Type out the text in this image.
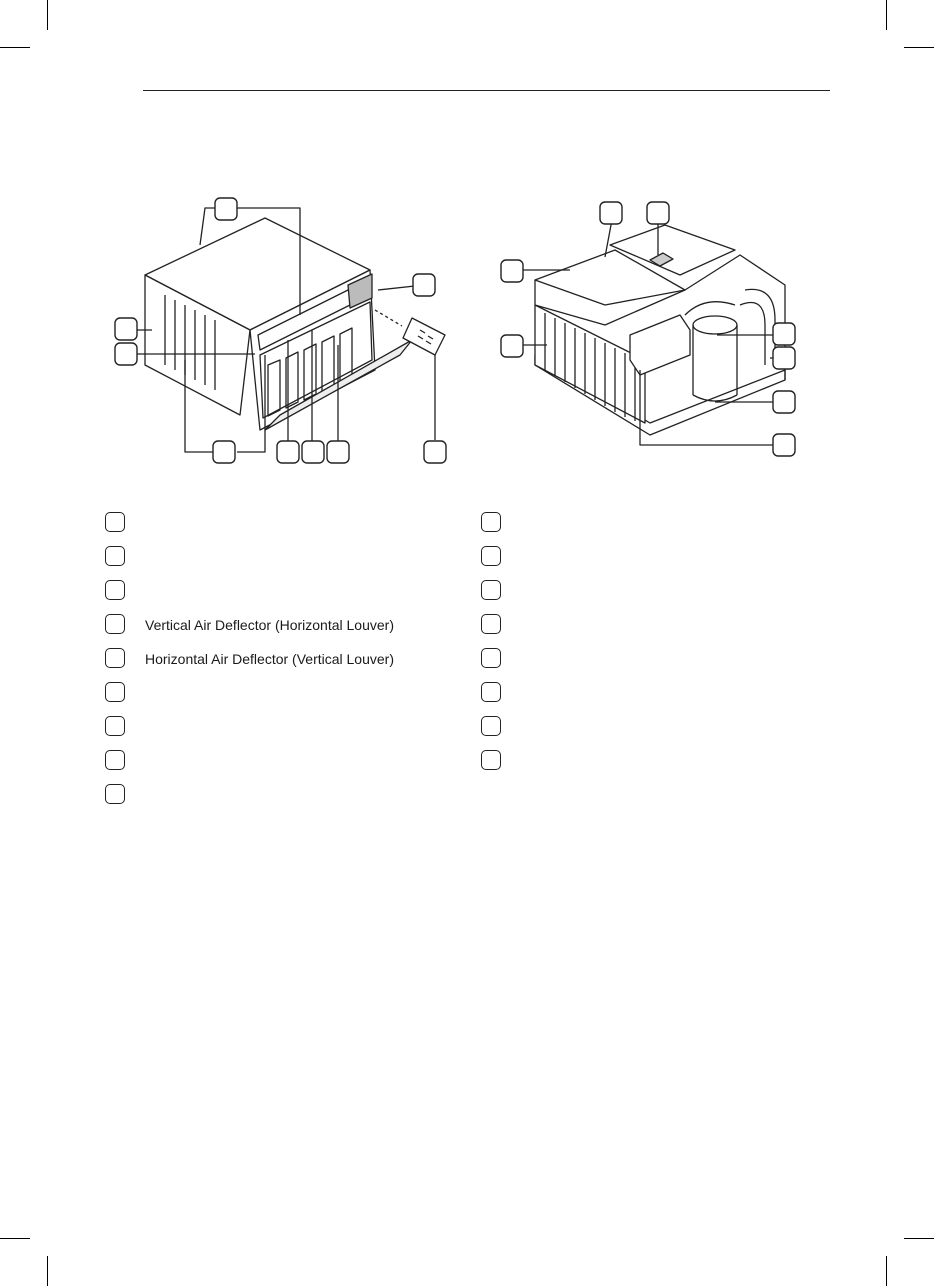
Vertical Air Deflector (Horizontal Louver)
Horizontal Air Deflector (Vertical Louver)
